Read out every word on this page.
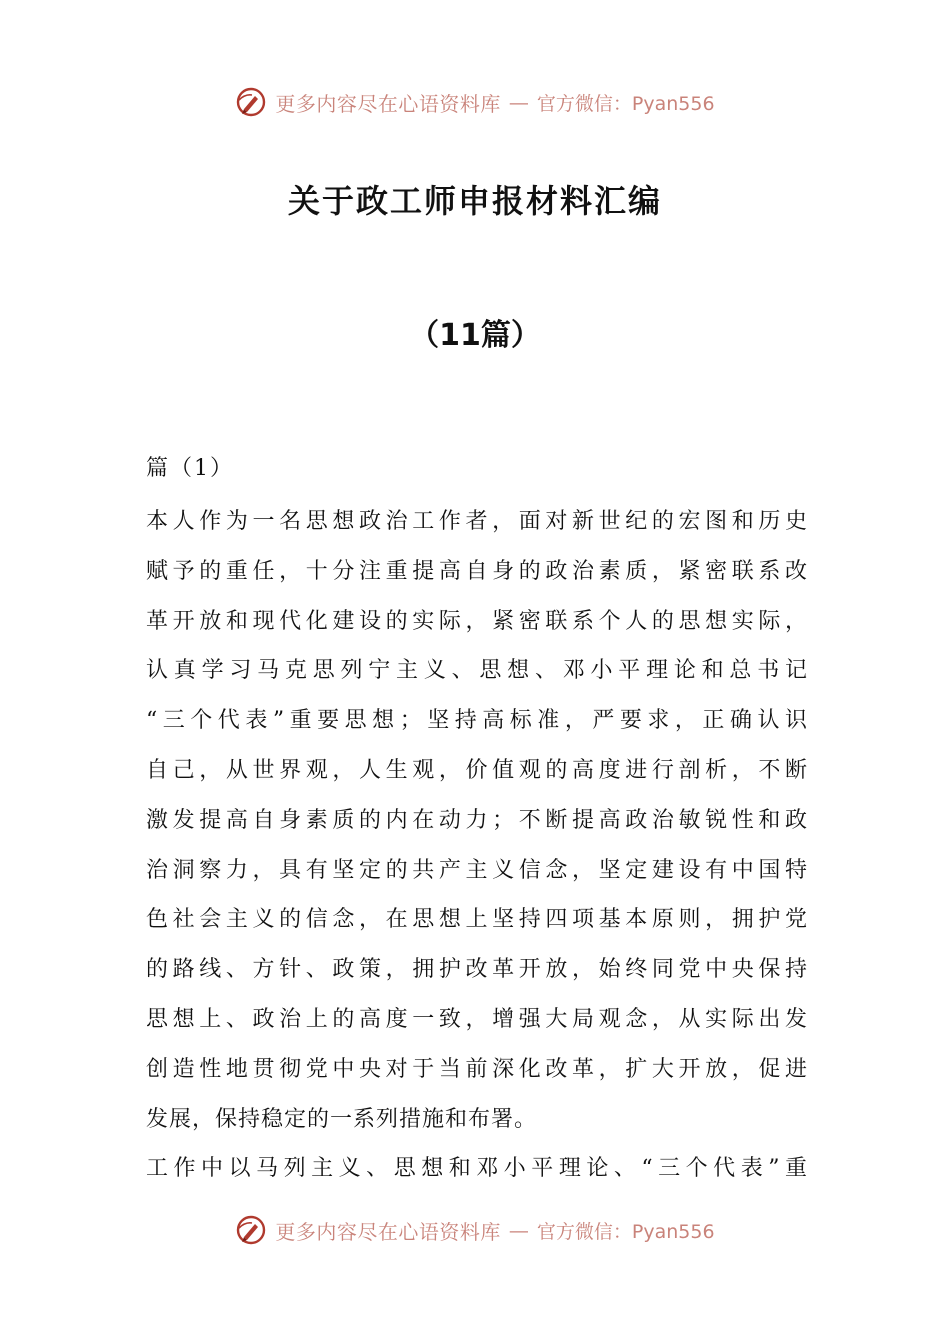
更多内容尽在心语资料库 — 官方微信：Pyan556
关于政工师申报材料汇编
（11篇）
篇（1）
本人作为一名思想政治工作者，面对新世纪的宏图和历史
赋予的重任，十分注重提高自身的政治素质，紧密联系改
革开放和现代化建设的实际，紧密联系个人的思想实际，
认真学习马克思列宁主义、思想、邓小平理论和总书记
“三个代表”重要思想；坚持高标准，严要求，正确认识
自己，从世界观，人生观，价值观的高度进行剖析，不断
激发提高自身素质的内在动力；不断提高政治敏锐性和政
治洞察力，具有坚定的共产主义信念，坚定建设有中国特
色社会主义的信念，在思想上坚持四项基本原则，拥护党
的路线、方针、政策，拥护改革开放，始终同党中央保持
思想上、政治上的高度一致，增强大局观念，从实际出发
创造性地贯彻党中央对于当前深化改革，扩大开放，促进
发展，保持稳定的一系列措施和布署。
工作中以马列主义、思想和邓小平理论、“三个代表”重
更多内容尽在心语资料库 — 官方微信：Pyan556
